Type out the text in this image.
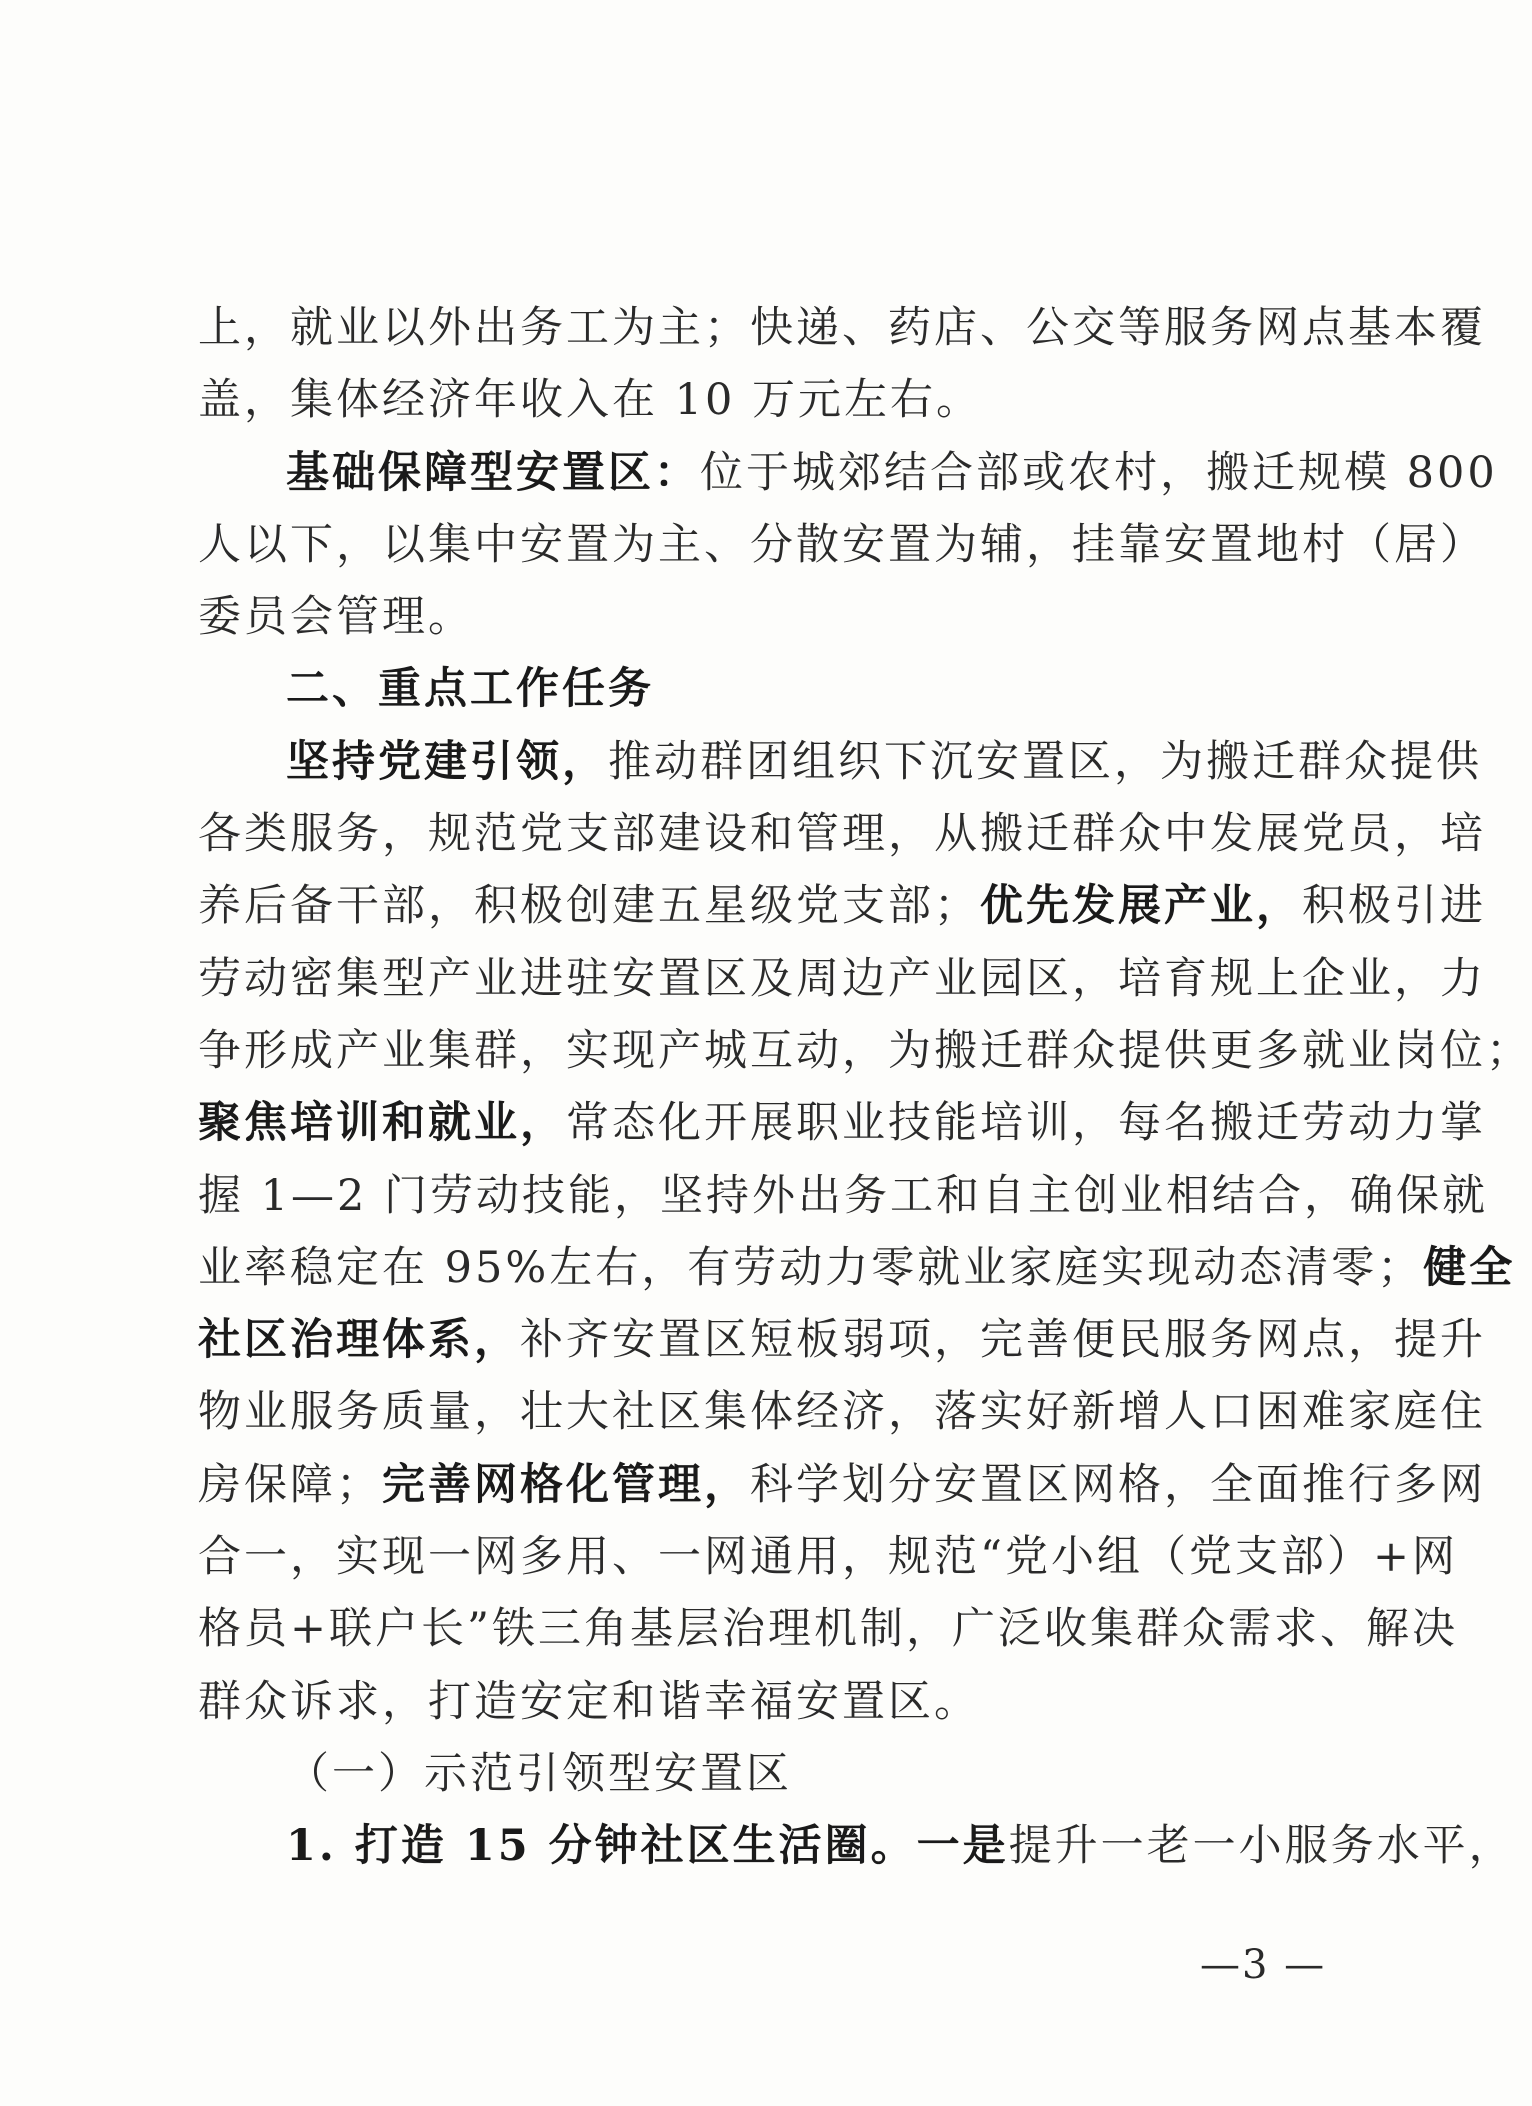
上，就业以外出务工为主；快递、药店、公交等服务网点基本覆
盖，集体经济年收入在 10 万元左右。
基础保障型安置区：位于城郊结合部或农村，搬迁规模 800
人以下，以集中安置为主、分散安置为辅，挂靠安置地村（居）
委员会管理。
二、重点工作任务
坚持党建引领，推动群团组织下沉安置区，为搬迁群众提供
各类服务，规范党支部建设和管理，从搬迁群众中发展党员，培
养后备干部，积极创建五星级党支部；优先发展产业，积极引进
劳动密集型产业进驻安置区及周边产业园区，培育规上企业，力
争形成产业集群，实现产城互动，为搬迁群众提供更多就业岗位；
聚焦培训和就业，常态化开展职业技能培训，每名搬迁劳动力掌
握 1—2 门劳动技能，坚持外出务工和自主创业相结合，确保就
业率稳定在 95%左右，有劳动力零就业家庭实现动态清零；健全
社区治理体系，补齐安置区短板弱项，完善便民服务网点，提升
物业服务质量，壮大社区集体经济，落实好新增人口困难家庭住
房保障；完善网格化管理，科学划分安置区网格，全面推行多网
合一，实现一网多用、一网通用，规范“党小组（党支部）+网
格员+联户长”铁三角基层治理机制，广泛收集群众需求、解决
群众诉求，打造安定和谐幸福安置区。
（一）示范引领型安置区
1. 打造 15 分钟社区生活圈。一是提升一老一小服务水平，
—3 —
